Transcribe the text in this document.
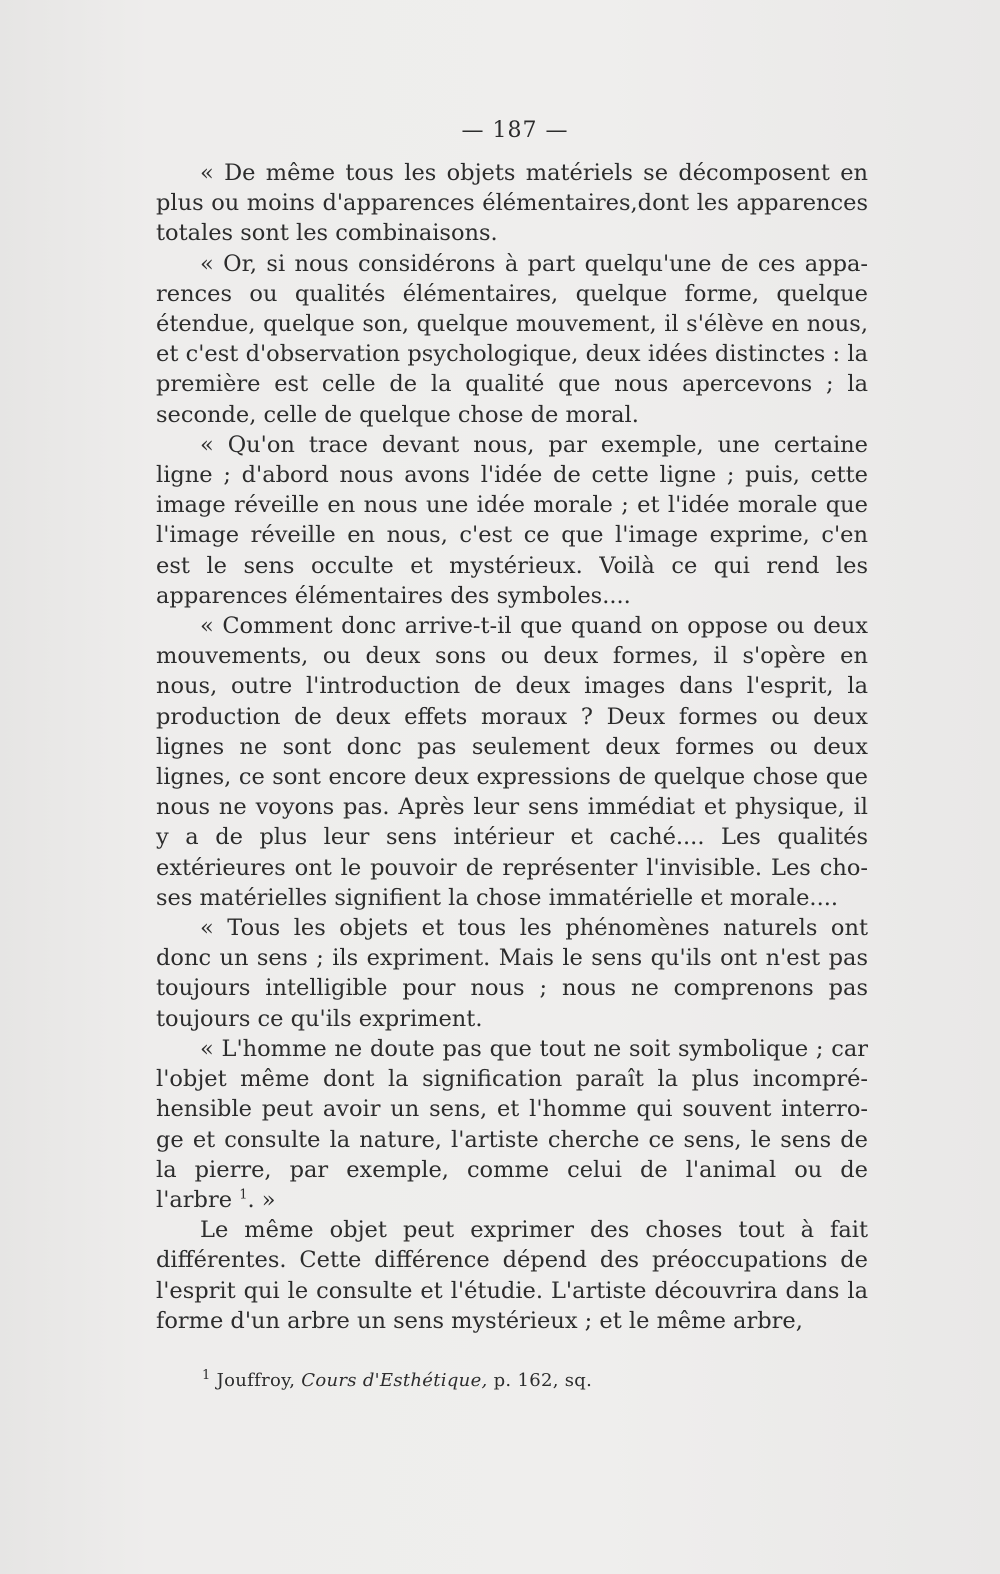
— 187 —

« De même tous les objets matériels se décomposent en plus ou moins d'apparences élémentaires,dont les apparences totales sont les combinaisons.

« Or, si nous considérons à part quelqu'une de ces appa-rences ou qualités élémentaires, quelque forme, quelque étendue, quelque son, quelque mouvement, il s'élève en nous, et c'est d'observation psychologique, deux idées distinctes : la première est celle de la qualité que nous apercevons ; la seconde, celle de quelque chose de moral.

« Qu'on trace devant nous, par exemple, une certaine ligne ; d'abord nous avons l'idée de cette ligne ; puis, cette image réveille en nous une idée morale ; et l'idée morale que l'image réveille en nous, c'est ce que l'image exprime, c'en est le sens occulte et mystérieux. Voilà ce qui rend les apparences élémentaires des symboles....

« Comment donc arrive-t-il que quand on oppose ou deux mouvements, ou deux sons ou deux formes, il s'opère en nous, outre l'introduction de deux images dans l'esprit, la production de deux effets moraux ? Deux formes ou deux lignes ne sont donc pas seulement deux formes ou deux lignes, ce sont encore deux expressions de quelque chose que nous ne voyons pas. Après leur sens immédiat et physique, il y a de plus leur sens intérieur et caché.... Les qualités extérieures ont le pouvoir de représenter l'invisible. Les cho-ses matérielles signifient la chose immatérielle et morale....

« Tous les objets et tous les phénomènes naturels ont donc un sens ; ils expriment. Mais le sens qu'ils ont n'est pas toujours intelligible pour nous ; nous ne comprenons pas toujours ce qu'ils expriment.

« L'homme ne doute pas que tout ne soit symbolique ; car l'objet même dont la signification paraît la plus incompré-hensible peut avoir un sens, et l'homme qui souvent interro-ge et consulte la nature, l'artiste cherche ce sens, le sens de la pierre, par exemple, comme celui de l'animal ou de l'arbre $^1$. »

Le même objet peut exprimer des choses tout à fait différentes. Cette différence dépend des préoccupations de l'esprit qui le consulte et l'étudie. L'artiste découvrira dans la forme d'un arbre un sens mystérieux ; et le même arbre,

$^1$ Jouffroy, Cours d'Esthétique, p. 162, sq.
